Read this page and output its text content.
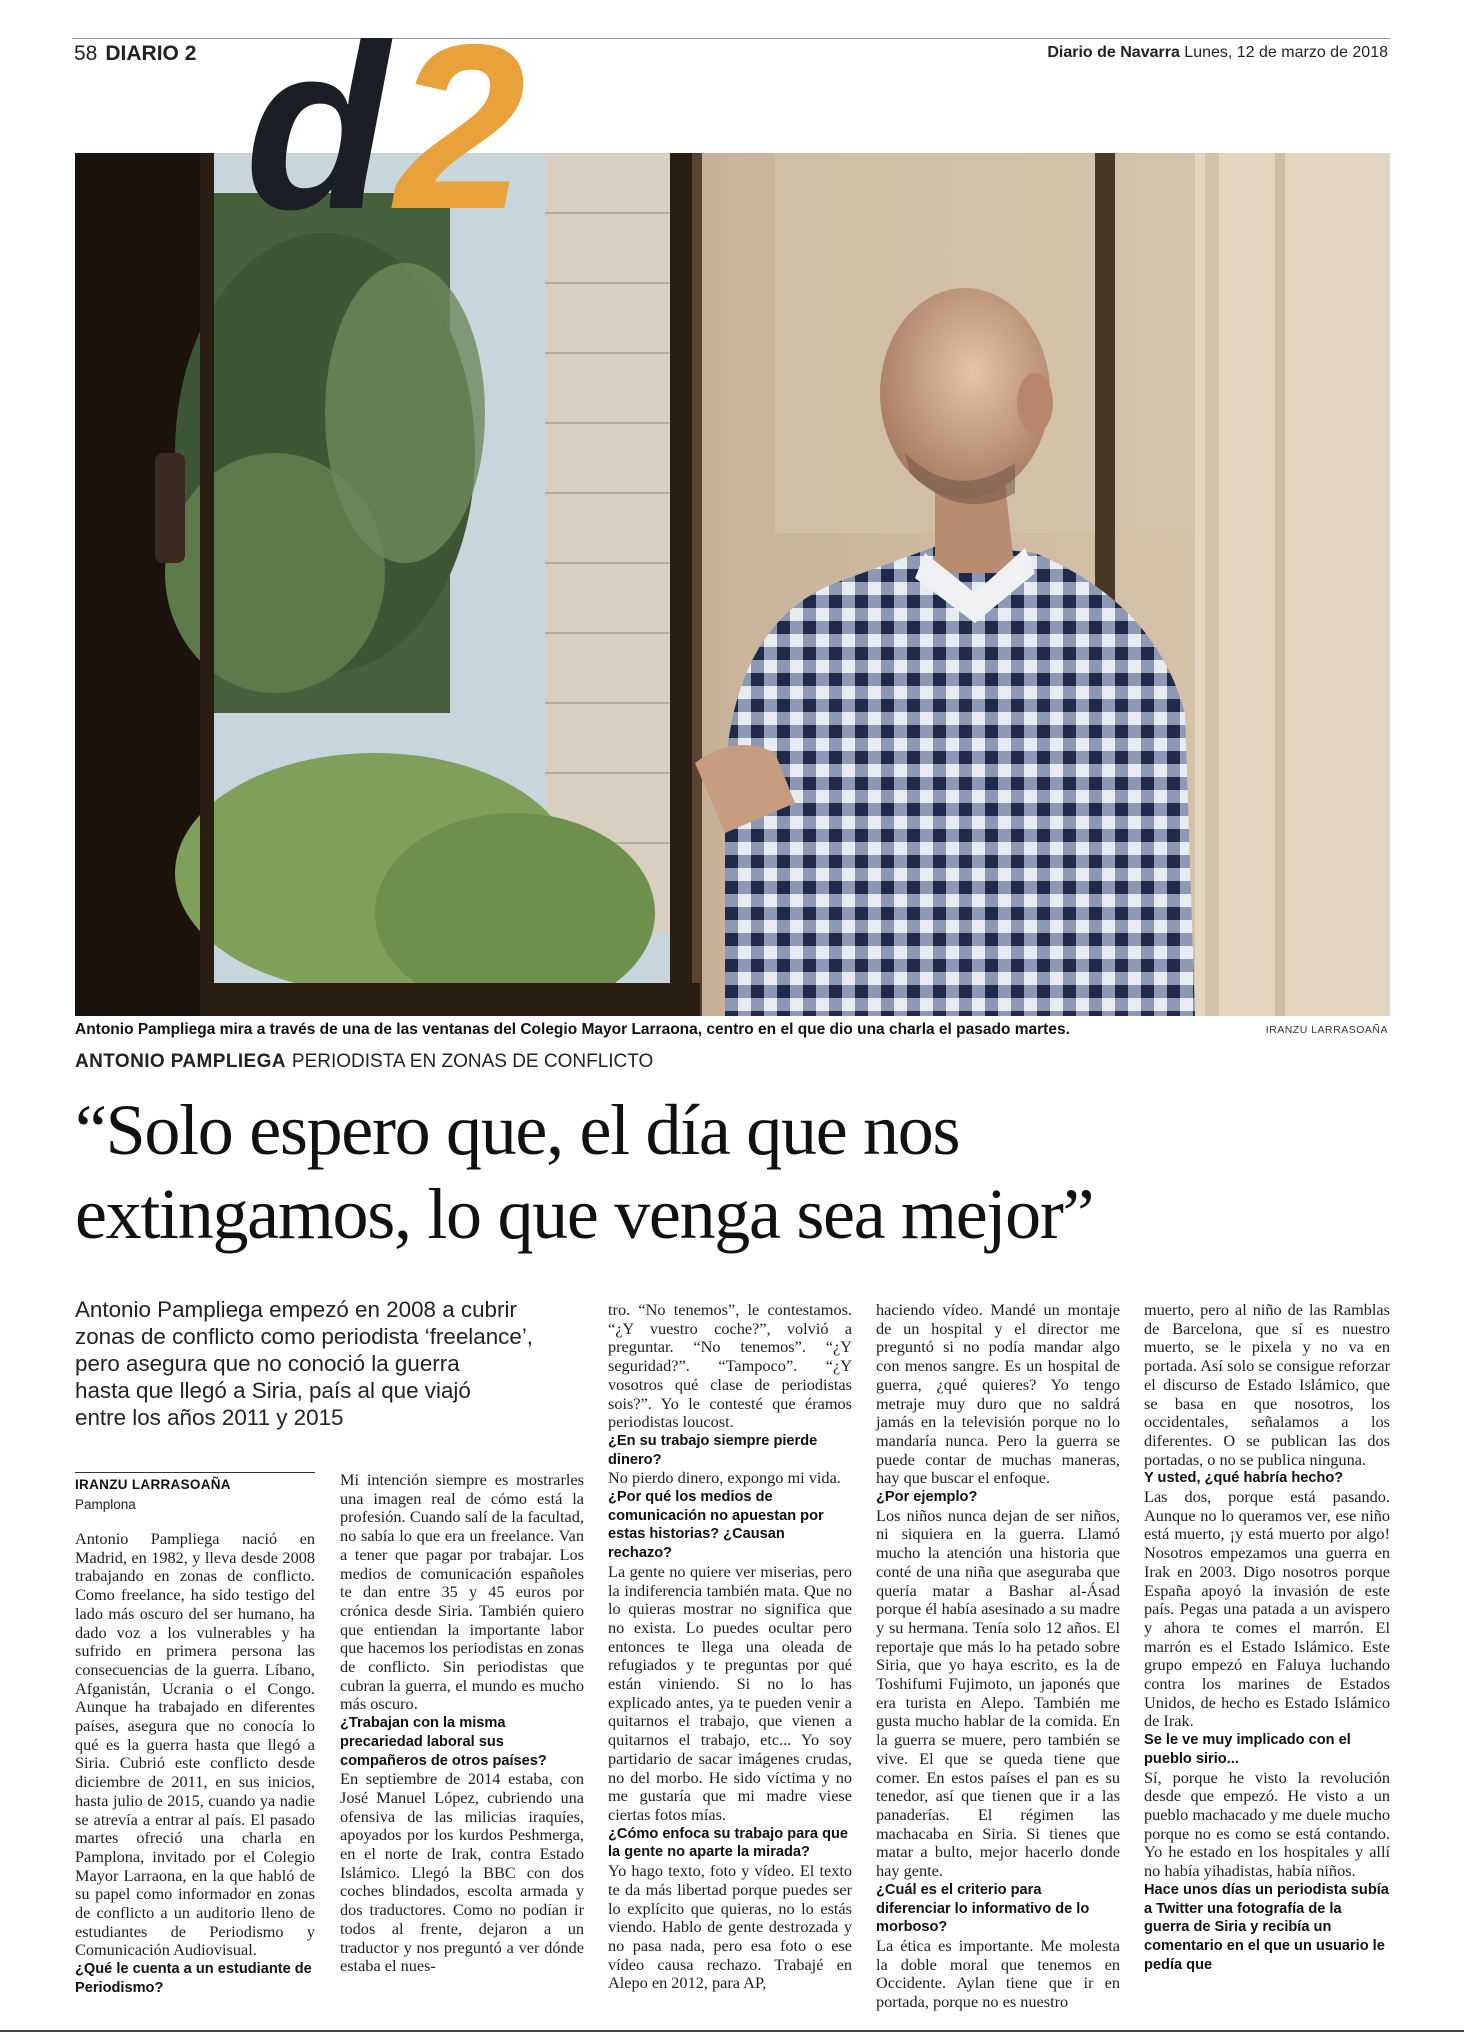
58 DIARIO 2	Diario de Navarra Lunes, 12 de marzo de 2018
d 2
Antonio Pampliega mira a través de una de las ventanas del Colegio Mayor Larraona, centro en el que dio una charla el pasado martes.	IRANZU LARRASOAÑA
ANTONIO PAMPLIEGA PERIODISTA EN ZONAS DE CONFLICTO
“Solo espero que, el día que nos
extingamos, lo que venga sea mejor”
Antonio Pampliega empezó en 2008 a cubrir
zonas de conflicto como periodista ‘freelance’,
pero asegura que no conoció la guerra
hasta que llegó a Siria, país al que viajó
entre los años 2011 y 2015
IRANZU LARRASOAÑA
Pamplona

Antonio Pampliega nació en Madrid, en 1982, y lleva desde 2008 trabajando en zonas de conflicto. Como freelance, ha sido testigo del lado más oscuro del ser humano, ha dado voz a los vulnerables y ha sufrido en primera persona las consecuencias de la guerra. Líbano, Afganistán, Ucrania o el Congo. Aunque ha trabajado en diferentes países, asegura que no conocía lo qué es la guerra hasta que llegó a Siria. Cubrió este conflicto desde diciembre de 2011, en sus inicios, hasta julio de 2015, cuando ya nadie se atrevía a entrar al país. El pasado martes ofreció una charla en Pamplona, invitado por el Colegio Mayor Larraona, en la que habló de su papel como informador en zonas de conflicto a un auditorio lleno de estudiantes de Periodismo y Comunicación Audiovisual.

¿Qué le cuenta a un estudiante de Periodismo?

Mi intención siempre es mostrarles una imagen real de cómo está la profesión. Cuando salí de la facultad, no sabía lo que era un freelance. Van a tener que pagar por trabajar. Los medios de comunicación españoles te dan entre 35 y 45 euros por crónica desde Siria. También quiero que entiendan la importante labor que hacemos los periodistas en zonas de conflicto. Sin periodistas que cubran la guerra, el mundo es mucho más oscuro.

¿Trabajan con la misma precariedad laboral sus compañeros de otros países?

En septiembre de 2014 estaba, con José Manuel López, cubriendo una ofensiva de las milicias iraquíes, apoyados por los kurdos Peshmerga, en el norte de Irak, contra Estado Islámico. Llegó la BBC con dos coches blindados, escolta armada y dos traductores. Como no podían ir todos al frente, dejaron a un traductor y nos preguntó a ver dónde estaba el nues-

tro. “No tenemos”, le contestamos. “¿Y vuestro coche?”, volvió a preguntar. “No tenemos”. “¿Y seguridad?”. “Tampoco”. “¿Y vosotros qué clase de periodistas sois?”. Yo le contesté que éramos periodistas loucost.

¿En su trabajo siempre pierde dinero?

No pierdo dinero, expongo mi vida.

¿Por qué los medios de comunicación no apuestan por estas historias? ¿Causan rechazo?

La gente no quiere ver miserias, pero la indiferencia también mata. Que no lo quieras mostrar no significa que no exista. Lo puedes ocultar pero entonces te llega una oleada de refugiados y te preguntas por qué están viniendo. Si no lo has explicado antes, ya te pueden venir a quitarnos el trabajo, que vienen a quitarnos el trabajo, etc... Yo soy partidario de sacar imágenes crudas, no del morbo. He sido víctima y no me gustaría que mi madre viese ciertas fotos mías.

¿Cómo enfoca su trabajo para que la gente no aparte la mirada?

Yo hago texto, foto y vídeo. El texto te da más libertad porque puedes ser lo explícito que quieras, no lo estás viendo. Hablo de gente destrozada y no pasa nada, pero esa foto o ese vídeo causa rechazo. Trabajé en Alepo en 2012, para AP,

haciendo vídeo. Mandé un montaje de un hospital y el director me preguntó si no podía mandar algo con menos sangre. Es un hospital de guerra, ¿qué quieres? Yo tengo metraje muy duro que no saldrá jamás en la televisión porque no lo mandaría nunca. Pero la guerra se puede contar de muchas maneras, hay que buscar el enfoque.

¿Por ejemplo?

Los niños nunca dejan de ser niños, ni siquiera en la guerra. Llamó mucho la atención una historia que conté de una niña que aseguraba que quería matar a Bashar al-Ásad porque él había asesinado a su madre y su hermana. Tenía solo 12 años. El reportaje que más lo ha petado sobre Siria, que yo haya escrito, es la de Toshifumi Fujimoto, un japonés que era turista en Alepo. También me gusta mucho hablar de la comida. En la guerra se muere, pero también se vive. El que se queda tiene que comer. En estos países el pan es su tenedor, así que tienen que ir a las panaderías. El régimen las machacaba en Siria. Si tienes que matar a bulto, mejor hacerlo donde hay gente.

¿Cuál es el criterio para diferenciar lo informativo de lo morboso?

La ética es importante. Me molesta la doble moral que tenemos en Occidente. Aylan tiene que ir en portada, porque no es nuestro

muerto, pero al niño de las Ramblas de Barcelona, que sí es nuestro muerto, se le pixela y no va en portada. Así solo se consigue reforzar el discurso de Estado Islámico, que se basa en que nosotros, los occidentales, señalamos a los diferentes. O se publican las dos portadas, o no se publica ninguna.

Y usted, ¿qué habría hecho?

Las dos, porque está pasando. Aunque no lo queramos ver, ese niño está muerto, ¡y está muerto por algo! Nosotros empezamos una guerra en Irak en 2003. Digo nosotros porque España apoyó la invasión de este país. Pegas una patada a un avispero y ahora te comes el marrón. El marrón es el Estado Islámico. Este grupo empezó en Faluya luchando contra los marines de Estados Unidos, de hecho es Estado Islámico de Irak.

Se le ve muy implicado con el pueblo sirio...

Sí, porque he visto la revolución desde que empezó. He visto a un pueblo machacado y me duele mucho porque no es como se está contando. Yo he estado en los hospitales y allí no había yihadistas, había niños.

Hace unos días un periodista subía a Twitter una fotografía de la guerra de Siria y recibía un comentario en el que un usuario le pedía que
